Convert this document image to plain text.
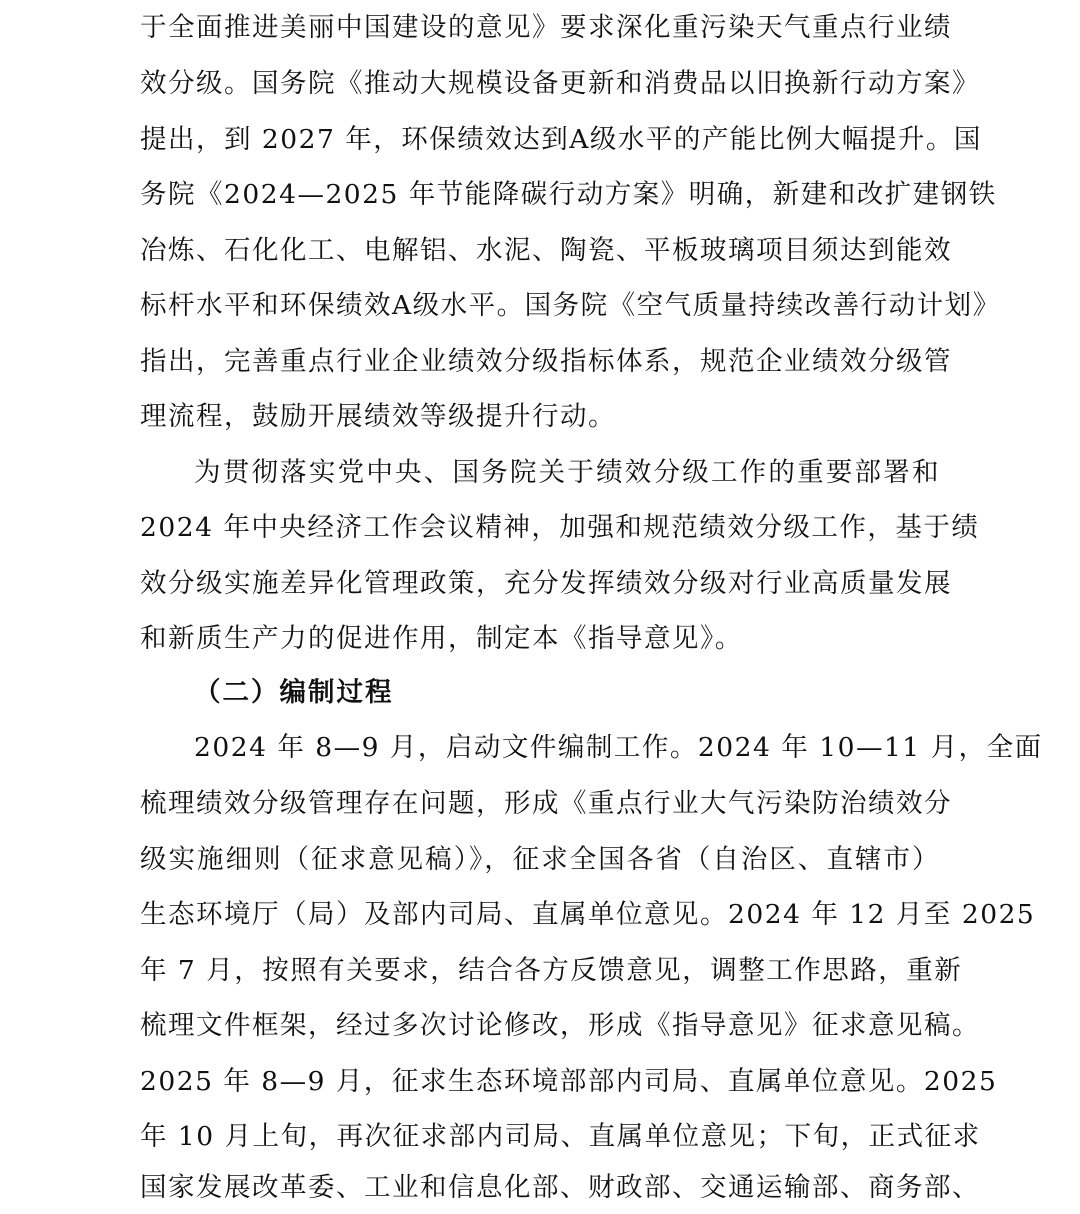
于全面推进美丽中国建设的意见》要求深化重污染天气重点行业绩
效分级。国务院《推动大规模设备更新和消费品以旧换新行动方案》
提出，到 2027 年，环保绩效达到A级水平的产能比例大幅提升。国
务院《2024—2025 年节能降碳行动方案》明确，新建和改扩建钢铁
冶炼、石化化工、电解铝、水泥、陶瓷、平板玻璃项目须达到能效
标杆水平和环保绩效A级水平。国务院《空气质量持续改善行动计划》
指出，完善重点行业企业绩效分级指标体系，规范企业绩效分级管
理流程，鼓励开展绩效等级提升行动。
为贯彻落实党中央、国务院关于绩效分级工作的重要部署和
2024 年中央经济工作会议精神，加强和规范绩效分级工作，基于绩
效分级实施差异化管理政策，充分发挥绩效分级对行业高质量发展
和新质生产力的促进作用，制定本《指导意见》。
（二）编制过程
2024 年 8—9 月，启动文件编制工作。2024 年 10—11 月，全面
梳理绩效分级管理存在问题，形成《重点行业大气污染防治绩效分
级实施细则（征求意见稿）》，征求全国各省（自治区、直辖市）
生态环境厅（局）及部内司局、直属单位意见。2024 年 12 月至 2025
年 7 月，按照有关要求，结合各方反馈意见，调整工作思路，重新
梳理文件框架，经过多次讨论修改，形成《指导意见》征求意见稿。
2025 年 8—9 月，征求生态环境部部内司局、直属单位意见。2025
年 10 月上旬，再次征求部内司局、直属单位意见；下旬，正式征求
国家发展改革委、工业和信息化部、财政部、交通运输部、商务部、
